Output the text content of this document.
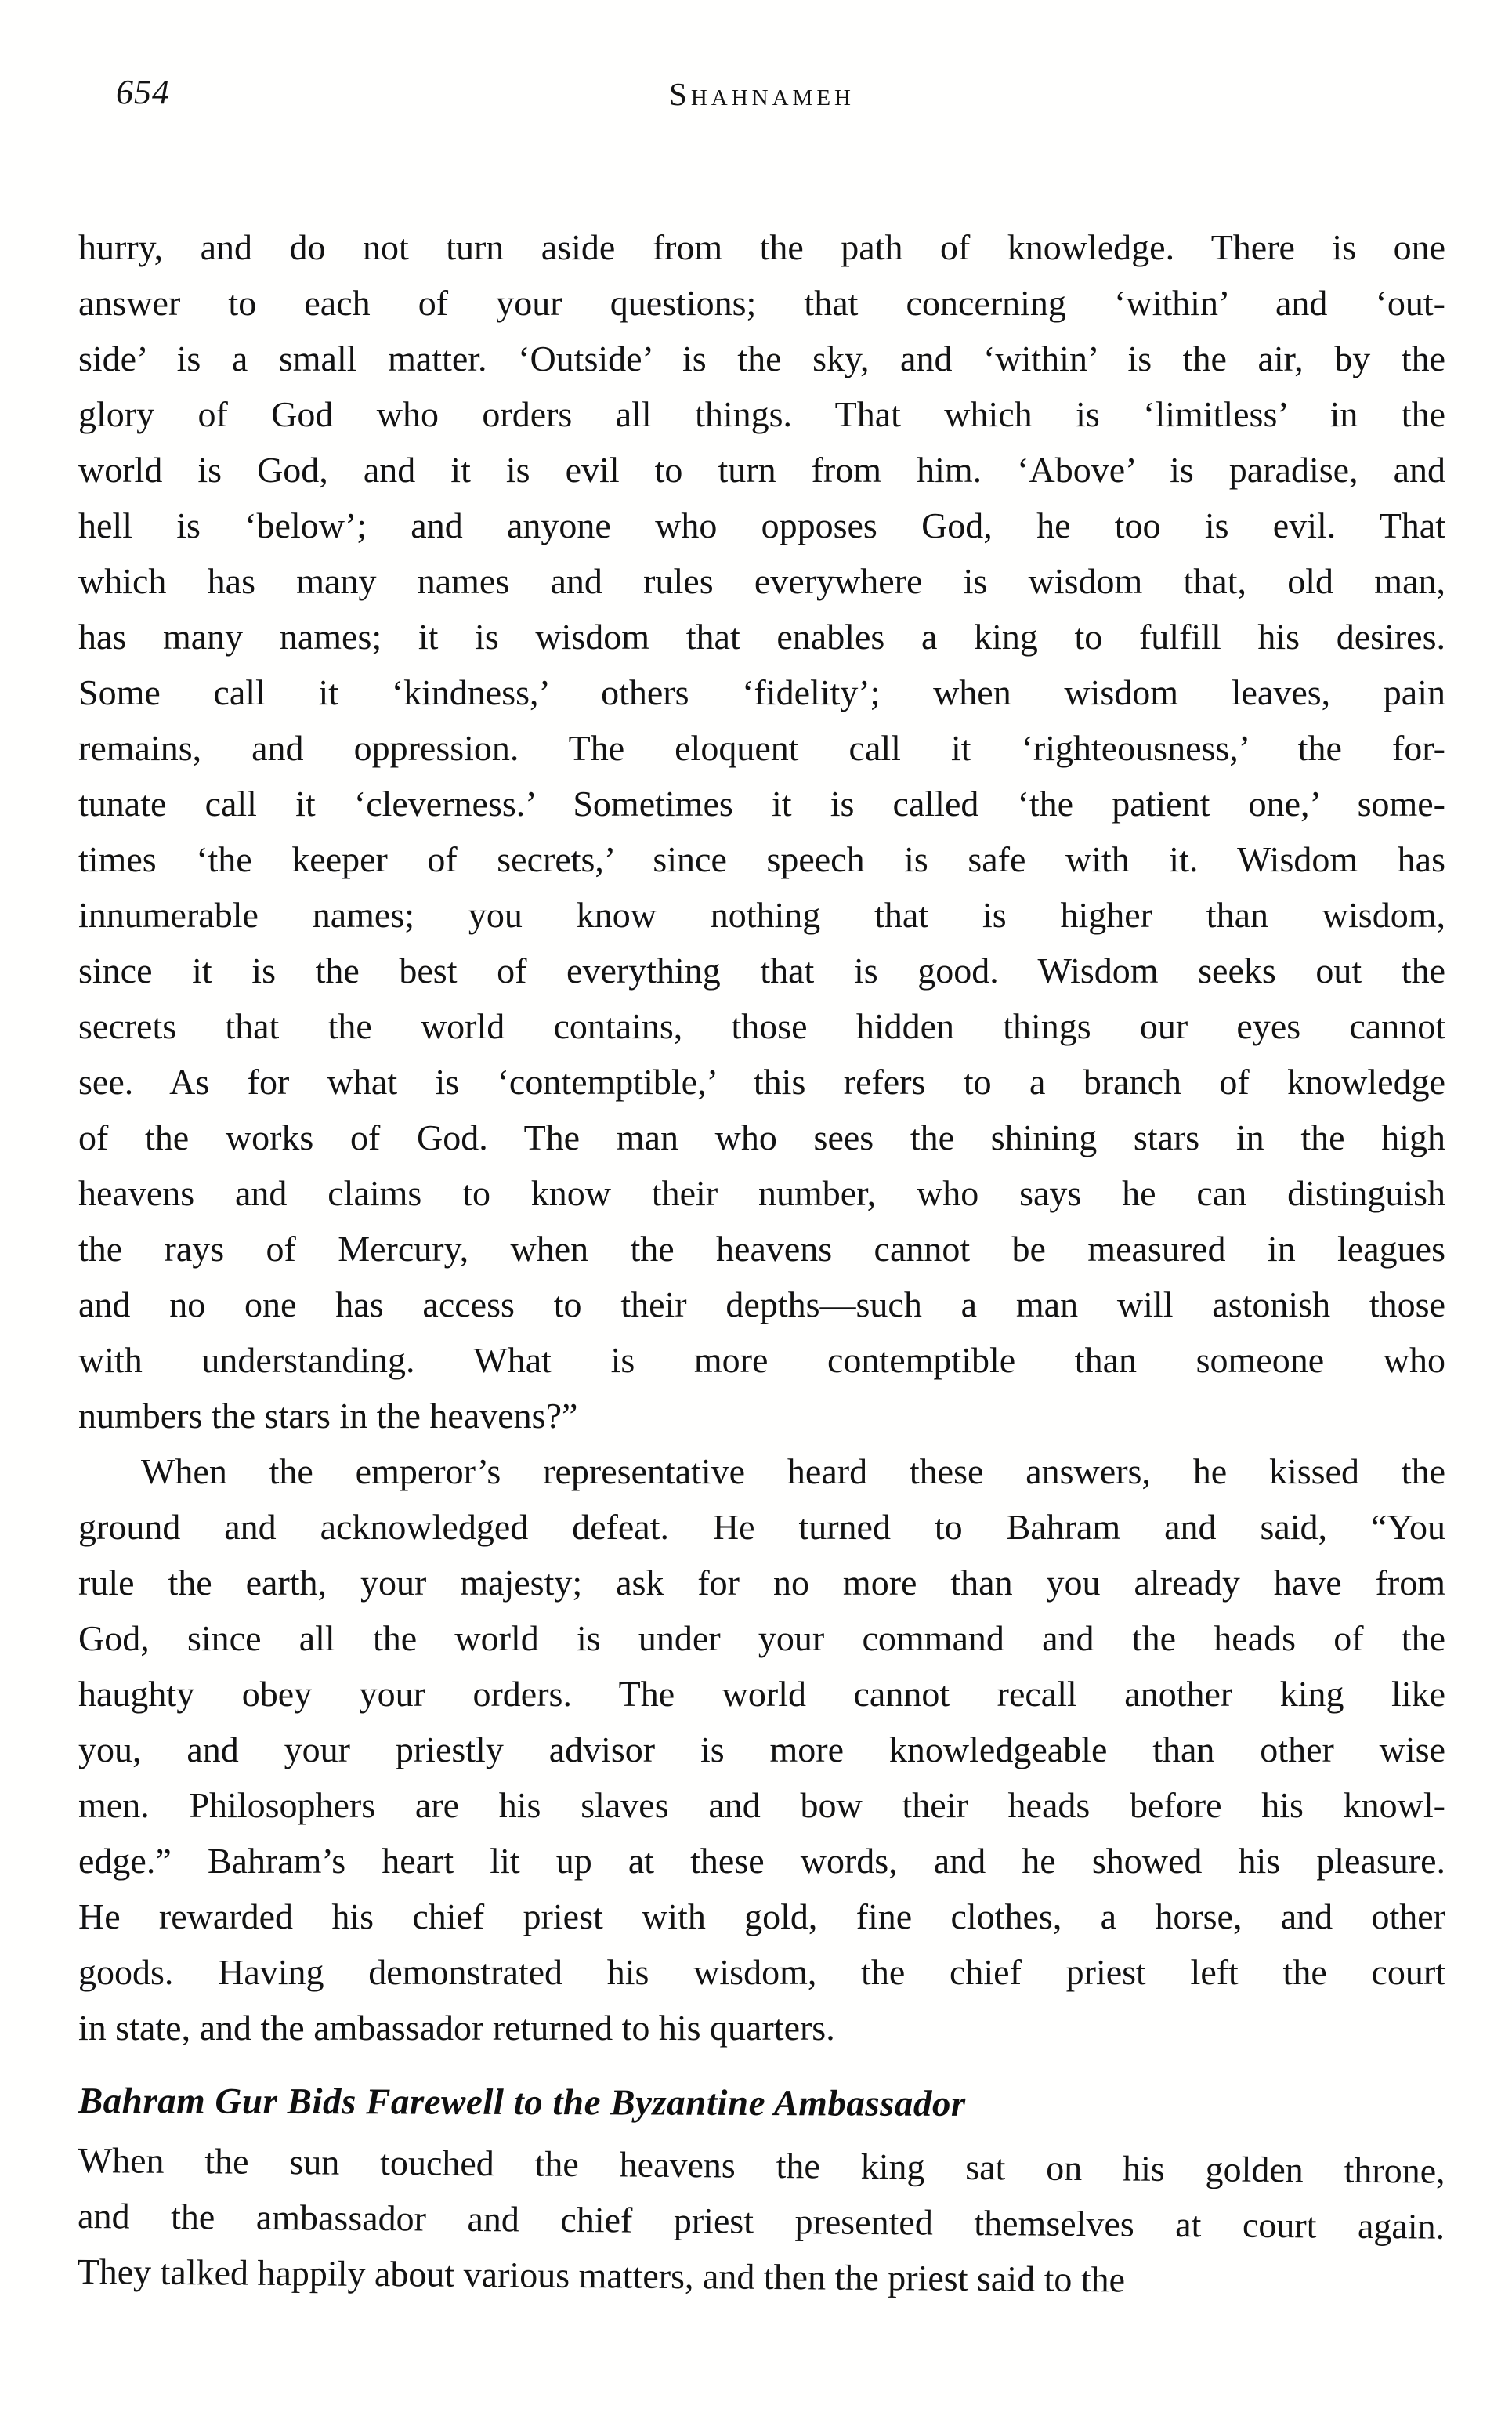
654	Shahnameh
hurry, and do not turn aside from the path of knowledge. There is one
answer to each of your questions; that concerning ‘within’ and ‘out-
side’ is a small matter. ‘Outside’ is the sky, and ‘within’ is the air, by the
glory of God who orders all things. That which is ‘limitless’ in the
world is God, and it is evil to turn from him. ‘Above’ is paradise, and
hell is ‘below’; and anyone who opposes God, he too is evil. That
which has many names and rules everywhere is wisdom that, old man,
has many names; it is wisdom that enables a king to fulfill his desires.
Some call it ‘kindness,’ others ‘fidelity’; when wisdom leaves, pain
remains, and oppression. The eloquent call it ‘righteousness,’ the for-
tunate call it ‘cleverness.’ Sometimes it is called ‘the patient one,’ some-
times ‘the keeper of secrets,’ since speech is safe with it. Wisdom has
innumerable names; you know nothing that is higher than wisdom,
since it is the best of everything that is good. Wisdom seeks out the
secrets that the world contains, those hidden things our eyes cannot
see. As for what is ‘contemptible,’ this refers to a branch of knowledge
of the works of God. The man who sees the shining stars in the high
heavens and claims to know their number, who says he can distinguish
the rays of Mercury, when the heavens cannot be measured in leagues
and no one has access to their depths—such a man will astonish those
with understanding. What is more contemptible than someone who
numbers the stars in the heavens?”
When the emperor’s representative heard these answers, he kissed the
ground and acknowledged defeat. He turned to Bahram and said, “You
rule the earth, your majesty; ask for no more than you already have from
God, since all the world is under your command and the heads of the
haughty obey your orders. The world cannot recall another king like
you, and your priestly advisor is more knowledgeable than other wise
men. Philosophers are his slaves and bow their heads before his knowl-
edge.” Bahram’s heart lit up at these words, and he showed his pleasure.
He rewarded his chief priest with gold, fine clothes, a horse, and other
goods. Having demonstrated his wisdom, the chief priest left the court
in state, and the ambassador returned to his quarters.
Bahram Gur Bids Farewell to the Byzantine Ambassador
When the sun touched the heavens the king sat on his golden throne,
and the ambassador and chief priest presented themselves at court again.
They talked happily about various matters, and then the priest said to the
